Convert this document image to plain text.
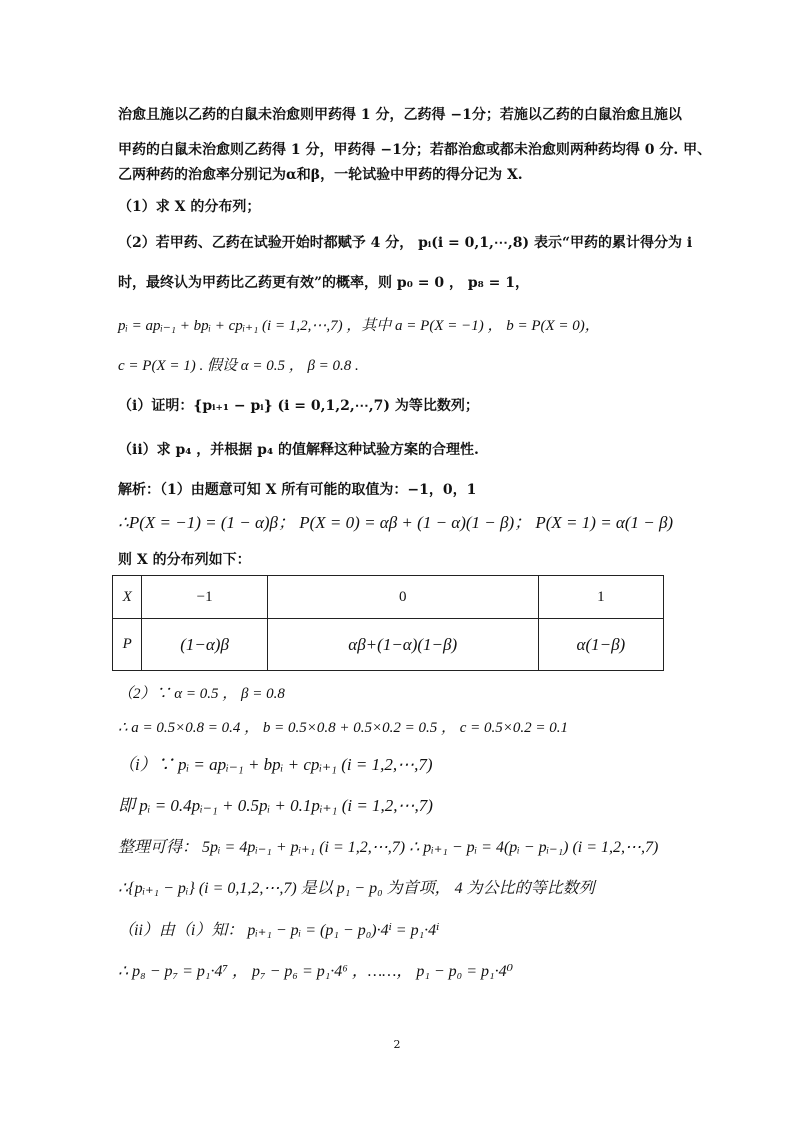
治愈且施以乙药的白鼠未治愈则甲药得 1 分，乙药得 −1分；若施以乙药的白鼠治愈且施以
甲药的白鼠未治愈则乙药得 1 分，甲药得 −1分；若都治愈或都未治愈则两种药均得 0 分. 甲、
乙两种药的治愈率分别记为α和β，一轮试验中甲药的得分记为 X.
（1）求 X 的分布列；
（2）若甲药、乙药在试验开始时都赋予 4 分， pᵢ(i = 0,1,⋯,8) 表示“甲药的累计得分为 i
时，最终认为甲药比乙药更有效”的概率，则 p₀ = 0 ， p₈ = 1，
pᵢ = apᵢ₋₁ + bpᵢ + cpᵢ₊₁ (i = 1,2,⋯,7) ，其中 a = P(X = −1) ， b = P(X = 0)，
c = P(X = 1) . 假设 α = 0.5 ， β = 0.8 .
（i）证明：{pᵢ₊₁ − pᵢ} (i = 0,1,2,⋯,7) 为等比数列；
（ii）求 p₄ ，并根据 p₄ 的值解释这种试验方案的合理性.
解析：（1）由题意可知 X 所有可能的取值为：−1，0，1
∴P(X = −1) = (1 − α)β； P(X = 0) = αβ + (1 − α)(1 − β)； P(X = 1) = α(1 − β)
则 X 的分布列如下：
X	−1	0	1
P	(1−α)β	αβ+(1−α)(1−β)	α(1−β)
（2）∵ α = 0.5 ， β = 0.8
∴ a = 0.5×0.8 = 0.4 ， b = 0.5×0.8 + 0.5×0.2 = 0.5 ， c = 0.5×0.2 = 0.1
（i）∵ pᵢ = apᵢ₋₁ + bpᵢ + cpᵢ₊₁ (i = 1,2,⋯,7)
即 pᵢ = 0.4pᵢ₋₁ + 0.5pᵢ + 0.1pᵢ₊₁ (i = 1,2,⋯,7)
整理可得： 5pᵢ = 4pᵢ₋₁ + pᵢ₊₁ (i = 1,2,⋯,7) ∴ pᵢ₊₁ − pᵢ = 4(pᵢ − pᵢ₋₁) (i = 1,2,⋯,7)
∴{pᵢ₊₁ − pᵢ} (i = 0,1,2,⋯,7) 是以 p₁ − p₀ 为首项， 4 为公比的等比数列
（ii）由（i）知： pᵢ₊₁ − pᵢ = (p₁ − p₀)·4ⁱ = p₁·4ⁱ
∴ p₈ − p₇ = p₁·4⁷ ， p₇ − p₆ = p₁·4⁶ ，……， p₁ − p₀ = p₁·4⁰
2
